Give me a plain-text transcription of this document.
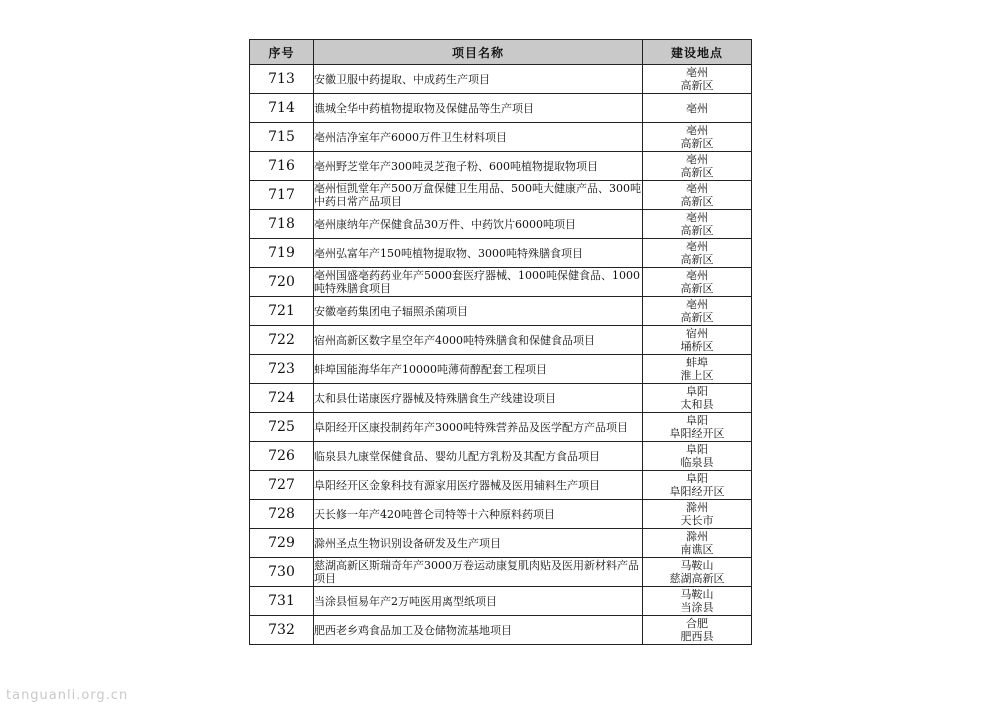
序号	项目名称	建设地点
713	安徽卫服中药提取、中成药生产项目	亳州
高新区

714	谯城全华中药植物提取物及保健品等生产项目	亳州

715	亳州洁净室年产6000万件卫生材料项目	亳州
高新区

716	亳州野芝堂年产300吨灵芝孢子粉、600吨植物提取物项目	亳州
高新区

717	亳州恒凯堂年产500万盒保健卫生用品、500吨大健康产品、300吨中药日常产品项目	亳州
高新区

718	亳州康纳年产保健食品30万件、中药饮片6000吨项目	亳州
高新区

719	亳州弘富年产150吨植物提取物、3000吨特殊膳食项目	亳州
高新区

720	亳州国盛亳药药业年产5000套医疗器械、1000吨保健食品、1000吨特殊膳食项目	亳州
高新区

721	安徽亳药集团电子辐照杀菌项目	亳州
高新区

722	宿州高新区数字星空年产4000吨特殊膳食和保健食品项目	宿州
埇桥区

723	蚌埠国能海华年产10000吨薄荷醇配套工程项目	蚌埠
淮上区

724	太和县仕诺康医疗器械及特殊膳食生产线建设项目	阜阳
太和县

725	阜阳经开区康投制药年产3000吨特殊营养品及医学配方产品项目	阜阳
阜阳经开区

726	临泉县九康堂保健食品、婴幼儿配方乳粉及其配方食品项目	阜阳
临泉县

727	阜阳经开区金象科技有源家用医疗器械及医用辅料生产项目	阜阳
阜阳经开区

728	天长修一年产420吨普仑司特等十六种原料药项目	滁州
天长市

729	滁州圣点生物识别设备研发及生产项目	滁州
南谯区

730	慈湖高新区斯瑞奇年产3000万卷运动康复肌肉贴及医用新材料产品项目	马鞍山
慈湖高新区

731	当涂县恒易年产2万吨医用离型纸项目	马鞍山
当涂县

732	肥西老乡鸡食品加工及仓储物流基地项目	合肥
肥西县
tanguanli.org.cn
